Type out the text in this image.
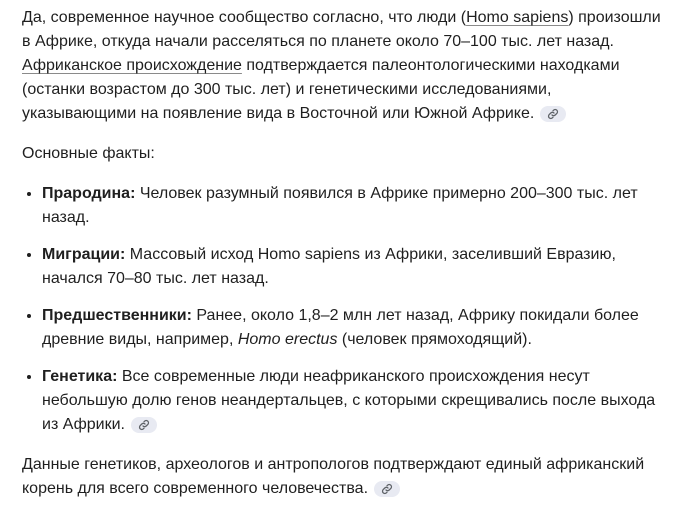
Да, современное научное сообщество согласно, что люди (Homo sapiens) произошли в Африке, откуда начали расселяться по планете около 70–100 тыс. лет назад. Африканское происхождение подтверждается палеонтологическими находками (останки возрастом до 300 тыс. лет) и генетическими исследованиями, указывающими на появление вида в Восточной или Южной Африке.

Основные факты:

• Прародина: Человек разумный появился в Африке примерно 200–300 тыс. лет назад.
• Миграции: Массовый исход Homo sapiens из Африки, заселивший Евразию, начался 70–80 тыс. лет назад.
• Предшественники: Ранее, около 1,8–2 млн лет назад, Африку покидали более древние виды, например, Homo erectus (человек прямоходящий).
• Генетика: Все современные люди неафриканского происхождения несут небольшую долю генов неандертальцев, с которыми скрещивались после выхода из Африки.

Данные генетиков, археологов и антропологов подтверждают единый африканский корень для всего современного человечества.
